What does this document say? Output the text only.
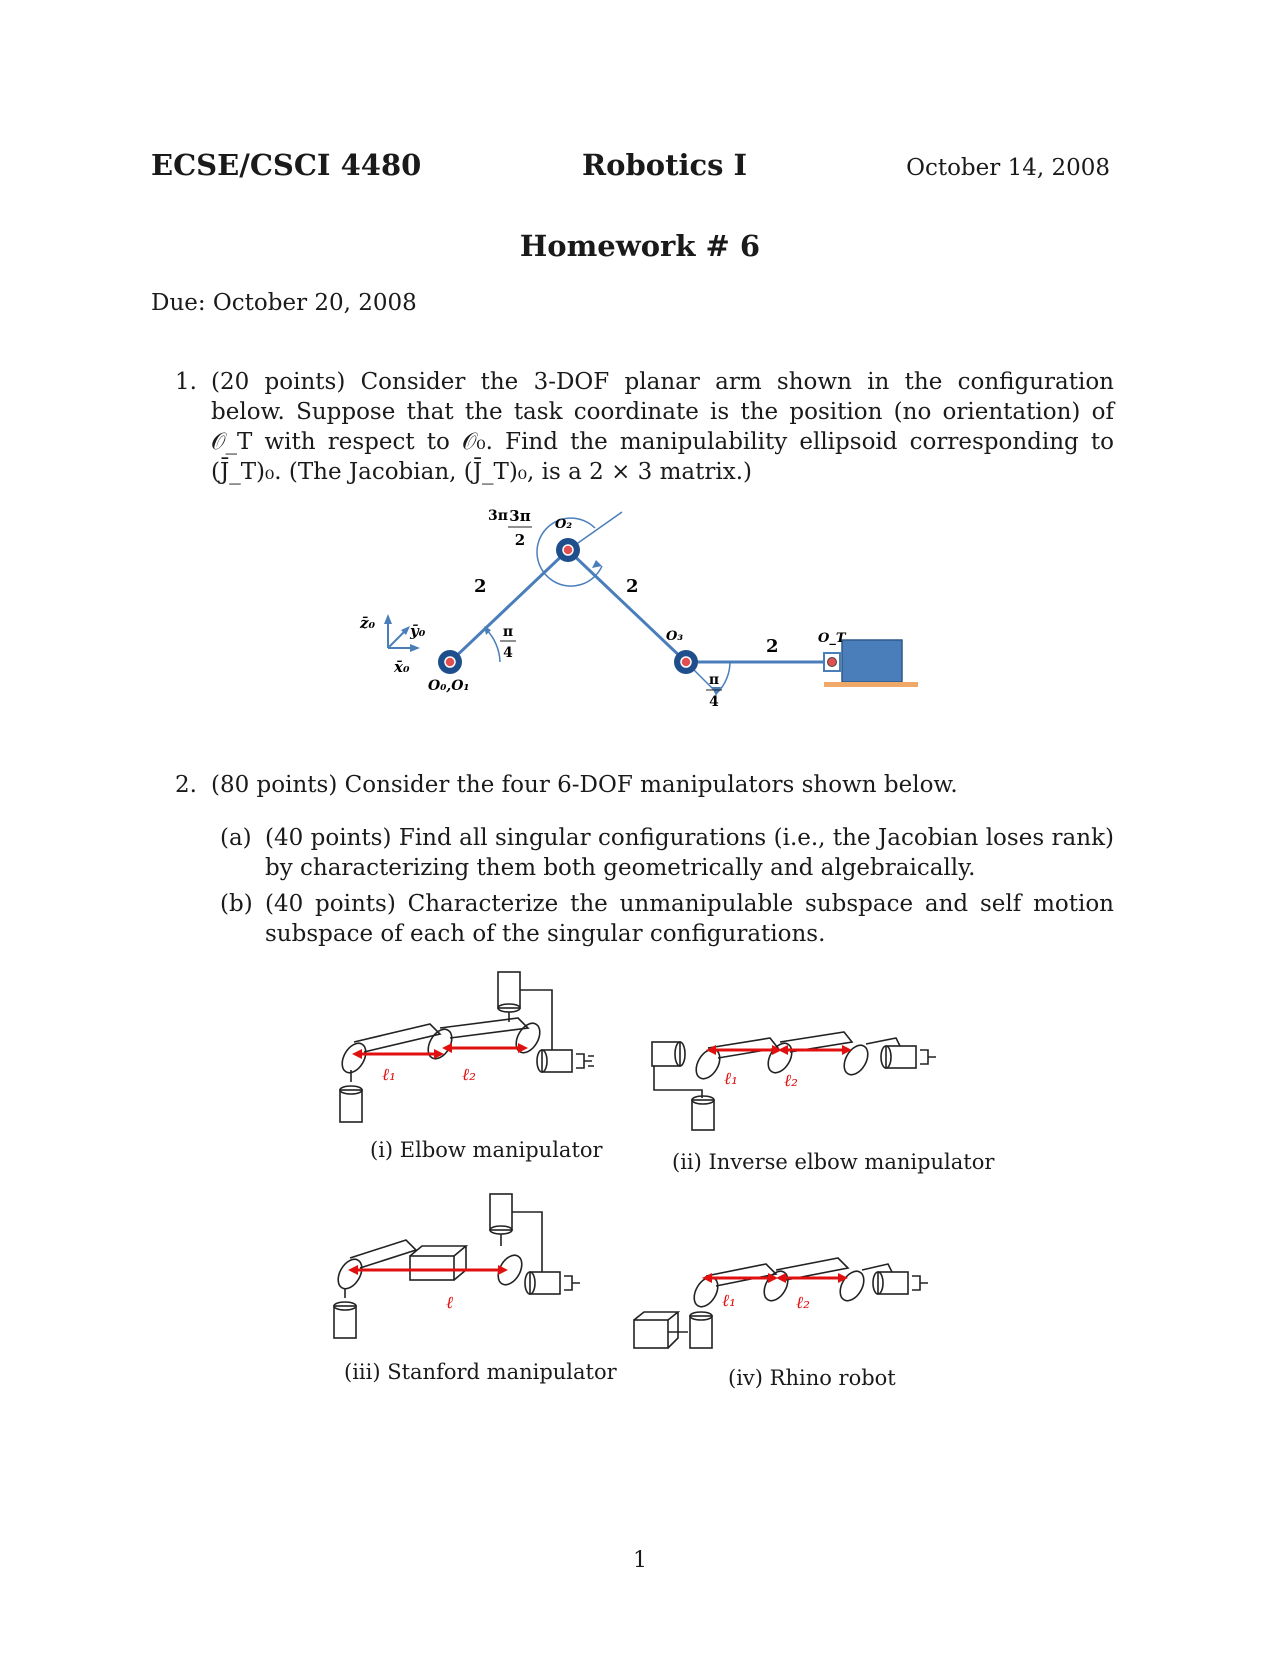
ECSE/CSCI 4480	Robotics I	October 14, 2008
Homework # 6
Due: October 20, 2008
1. (20 points) Consider the 3-DOF planar arm shown in the configuration below. Suppose that the task coordinate is the position (no orientation) of 𝒪_T with respect to 𝒪₀. Find the manipulability ellipsoid corresponding to (J̄_T)₀. (The Jacobian, (J̄_T)₀, is a 2 × 3 matrix.)
z̄₀ ȳ₀
x̄₀
O₀,O₁
O₂
O₃	O_T
2	2
2
π
4
3π
π
4
3π
2
2. (80 points) Consider the four 6-DOF manipulators shown below.
(a) (40 points) Find all singular configurations (i.e., the Jacobian loses rank) by characterizing them both geometrically and algebraically.
(b) (40 points) Characterize the unmanipulable subspace and self motion subspace of each of the singular configurations.
ℓ₁	ℓ₂
(i) Elbow manipulator
ℓ₁	ℓ₂
(ii) Inverse elbow manipulator
ℓ
(iii) Stanford manipulator
ℓ₁	ℓ₂
(iv) Rhino robot
1
